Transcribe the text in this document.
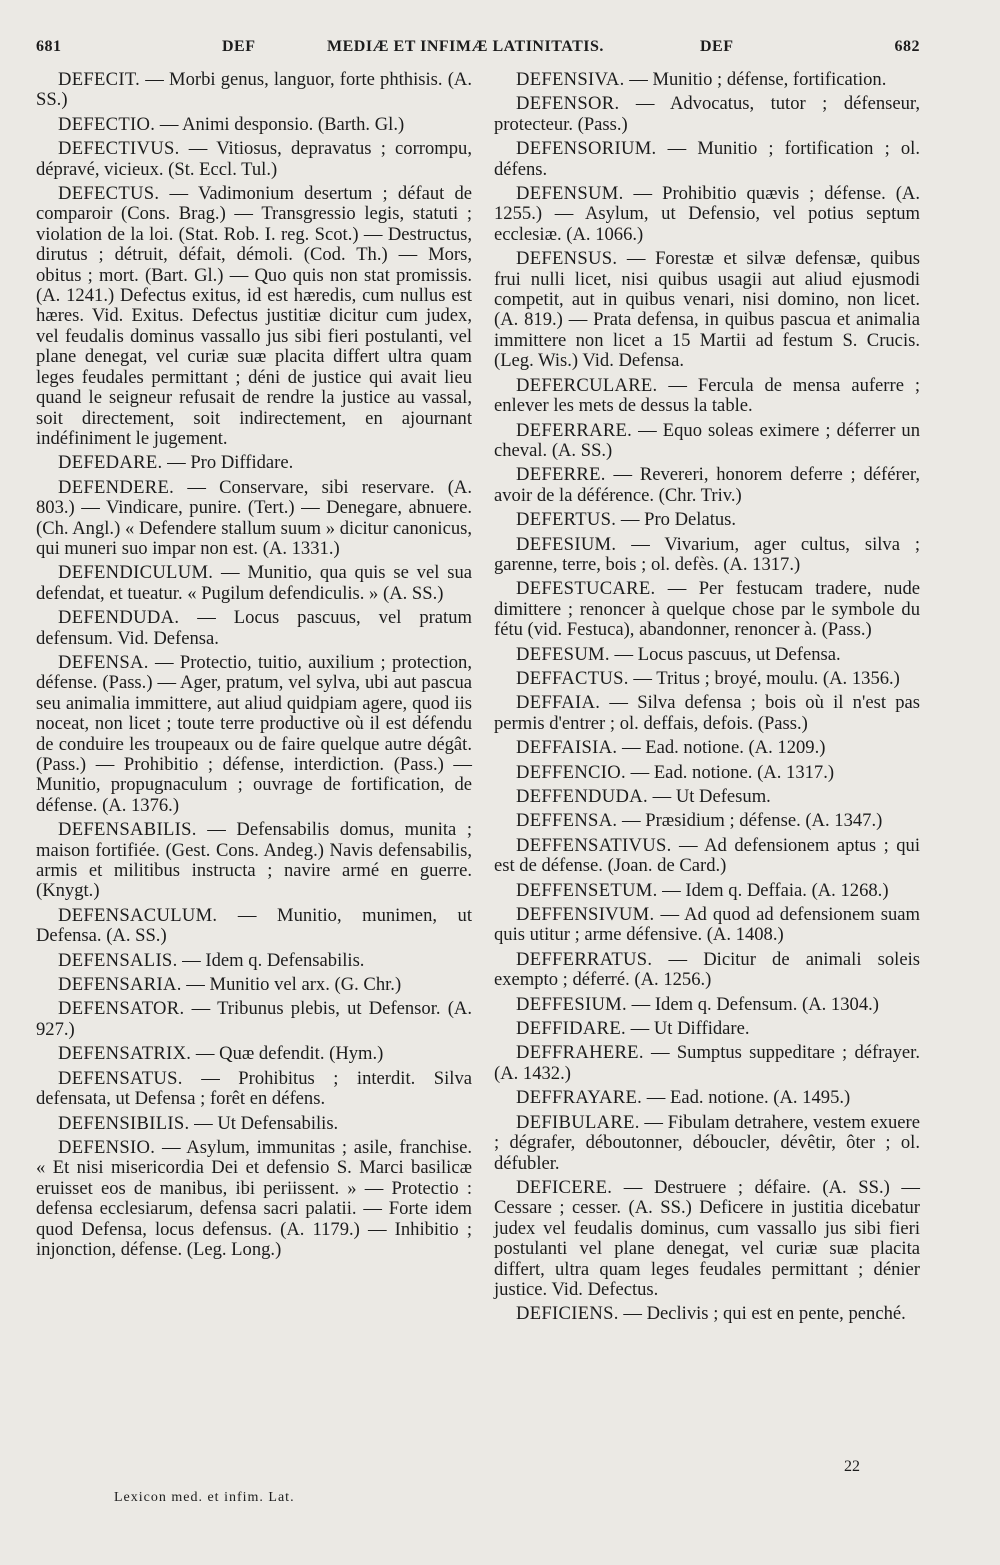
681	DEF	MEDIÆ ET INFIMÆ LATINITATIS.	DEF	682

DEFECIT. — Morbi genus, languor, forte phthisis. (A. SS.)

DEFECTIO. — Animi desponsio. (Barth. Gl.)

DEFECTIVUS. — Vitiosus, depravatus ; corrompu, dépravé, vicieux. (St. Eccl. Tul.)

DEFECTUS. — Vadimonium desertum ; défaut de comparoir (Cons. Brag.) — Transgressio legis, statuti ; violation de la loi. (Stat. Rob. I. reg. Scot.) — Destructus, dirutus ; détruit, défait, démoli. (Cod. Th.) — Mors, obitus ; mort. (Bart. Gl.) — Quo quis non stat promissis. (A. 1241.) Defectus exitus, id est hæredis, cum nullus est hæres. Vid. Exitus. Defectus justitiæ dicitur cum judex, vel feudalis dominus vassallo jus sibi fieri postulanti, vel plane denegat, vel curiæ suæ placita differt ultra quam leges feudales permittant ; déni de justice qui avait lieu quand le seigneur refusait de rendre la justice au vassal, soit directement, soit indirectement, en ajournant indéfiniment le jugement.

DEFEDARE. — Pro Diffidare.

DEFENDERE. — Conservare, sibi reservare. (A. 803.) — Vindicare, punire. (Tert.) — Denegare, abnuere. (Ch. Angl.) « Defendere stallum suum » dicitur canonicus, qui muneri suo impar non est. (A. 1331.)

DEFENDICULUM. — Munitio, qua quis se vel sua defendat, et tueatur. « Pugilum defendiculis. » (A. SS.)

DEFENDUDA. — Locus pascuus, vel pratum defensum. Vid. Defensa.

DEFENSA. — Protectio, tuitio, auxilium ; protection, défense. (Pass.) — Ager, pratum, vel sylva, ubi aut pascua seu animalia immittere, aut aliud quidpiam agere, quod iis noceat, non licet ; toute terre productive où il est défendu de conduire les troupeaux ou de faire quelque autre dégât. (Pass.) — Prohibitio ; défense, interdiction. (Pass.) — Munitio, propugnaculum ; ouvrage de fortification, de défense. (A. 1376.)

DEFENSABILIS. — Defensabilis domus, munita ; maison fortifiée. (Gest. Cons. Andeg.) Navis defensabilis, armis et militibus instructa ; navire armé en guerre. (Knygt.)

DEFENSACULUM. — Munitio, munimen, ut Defensa. (A. SS.)

DEFENSALIS. — Idem q. Defensabilis.

DEFENSARIA. — Munitio vel arx. (G. Chr.)

DEFENSATOR. — Tribunus plebis, ut Defensor. (A. 927.)

DEFENSATRIX. — Quæ defendit. (Hym.)

DEFENSATUS. — Prohibitus ; interdit. Silva defensata, ut Defensa ; forêt en défens.

DEFENSIBILIS. — Ut Defensabilis.

DEFENSIO. — Asylum, immunitas ; asile, franchise. « Et nisi misericordia Dei et defensio S. Marci basilicæ eruisset eos de manibus, ibi periissent. » — Protectio : defensa ecclesiarum, defensa sacri palatii. — Forte idem quod Defensa, locus defensus. (A. 1179.) — Inhibitio ; injonction, défense. (Leg. Long.)

DEFENSIVA. — Munitio ; défense, fortification.

DEFENSOR. — Advocatus, tutor ; défenseur, protecteur. (Pass.)

DEFENSORIUM. — Munitio ; fortification ; ol. défens.

DEFENSUM. — Prohibitio quævis ; défense. (A. 1255.) — Asylum, ut Defensio, vel potius septum ecclesiæ. (A. 1066.)

DEFENSUS. — Forestæ et silvæ defensæ, quibus frui nulli licet, nisi quibus usagii aut aliud ejusmodi competit, aut in quibus venari, nisi domino, non licet. (A. 819.) — Prata defensa, in quibus pascua et animalia immittere non licet a 15 Martii ad festum S. Crucis. (Leg. Wis.) Vid. Defensa.

DEFERCULARE. — Fercula de mensa auferre ; enlever les mets de dessus la table.

DEFERRARE. — Equo soleas eximere ; déferrer un cheval. (A. SS.)

DEFERRE. — Revereri, honorem deferre ; déférer, avoir de la déférence. (Chr. Triv.)

DEFERTUS. — Pro Delatus.

DEFESIUM. — Vivarium, ager cultus, silva ; garenne, terre, bois ; ol. defès. (A. 1317.)

DEFESTUCARE. — Per festucam tradere, nude dimittere ; renoncer à quelque chose par le symbole du fétu (vid. Festuca), abandonner, renoncer à. (Pass.)

DEFESUM. — Locus pascuus, ut Defensa.

DEFFACTUS. — Tritus ; broyé, moulu. (A. 1356.)

DEFFAIA. — Silva defensa ; bois où il n'est pas permis d'entrer ; ol. deffais, defois. (Pass.)

DEFFAISIA. — Ead. notione. (A. 1209.)

DEFFENCIO. — Ead. notione. (A. 1317.)

DEFFENDUDA. — Ut Defesum.

DEFFENSA. — Præsidium ; défense. (A. 1347.)

DEFFENSATIVUS. — Ad defensionem aptus ; qui est de défense. (Joan. de Card.)

DEFFENSETUM. — Idem q. Deffaia. (A. 1268.)

DEFFENSIVUM. — Ad quod ad defensionem suam quis utitur ; arme défensive. (A. 1408.)

DEFFERRATUS. — Dicitur de animali soleis exempto ; déferré. (A. 1256.)

DEFFESIUM. — Idem q. Defensum. (A. 1304.)

DEFFIDARE. — Ut Diffidare.

DEFFRAHERE. — Sumptus suppeditare ; défrayer. (A. 1432.)

DEFFRAYARE. — Ead. notione. (A. 1495.)

DEFIBULARE. — Fibulam detrahere, vestem exuere ; dégrafer, déboutonner, déboucler, dévêtir, ôter ; ol. défubler.

DEFICERE. — Destruere ; défaire. (A. SS.) — Cessare ; cesser. (A. SS.) Deficere in justitia dicebatur judex vel feudalis dominus, cum vassallo jus sibi fieri postulanti vel plane denegat, vel curiæ suæ placita differt, ultra quam leges feudales permittant ; dénier justice. Vid. Defectus.

DEFICIENS. — Declivis ; qui est en pente, penché.

22
Lexicon med. et infim. Lat.
